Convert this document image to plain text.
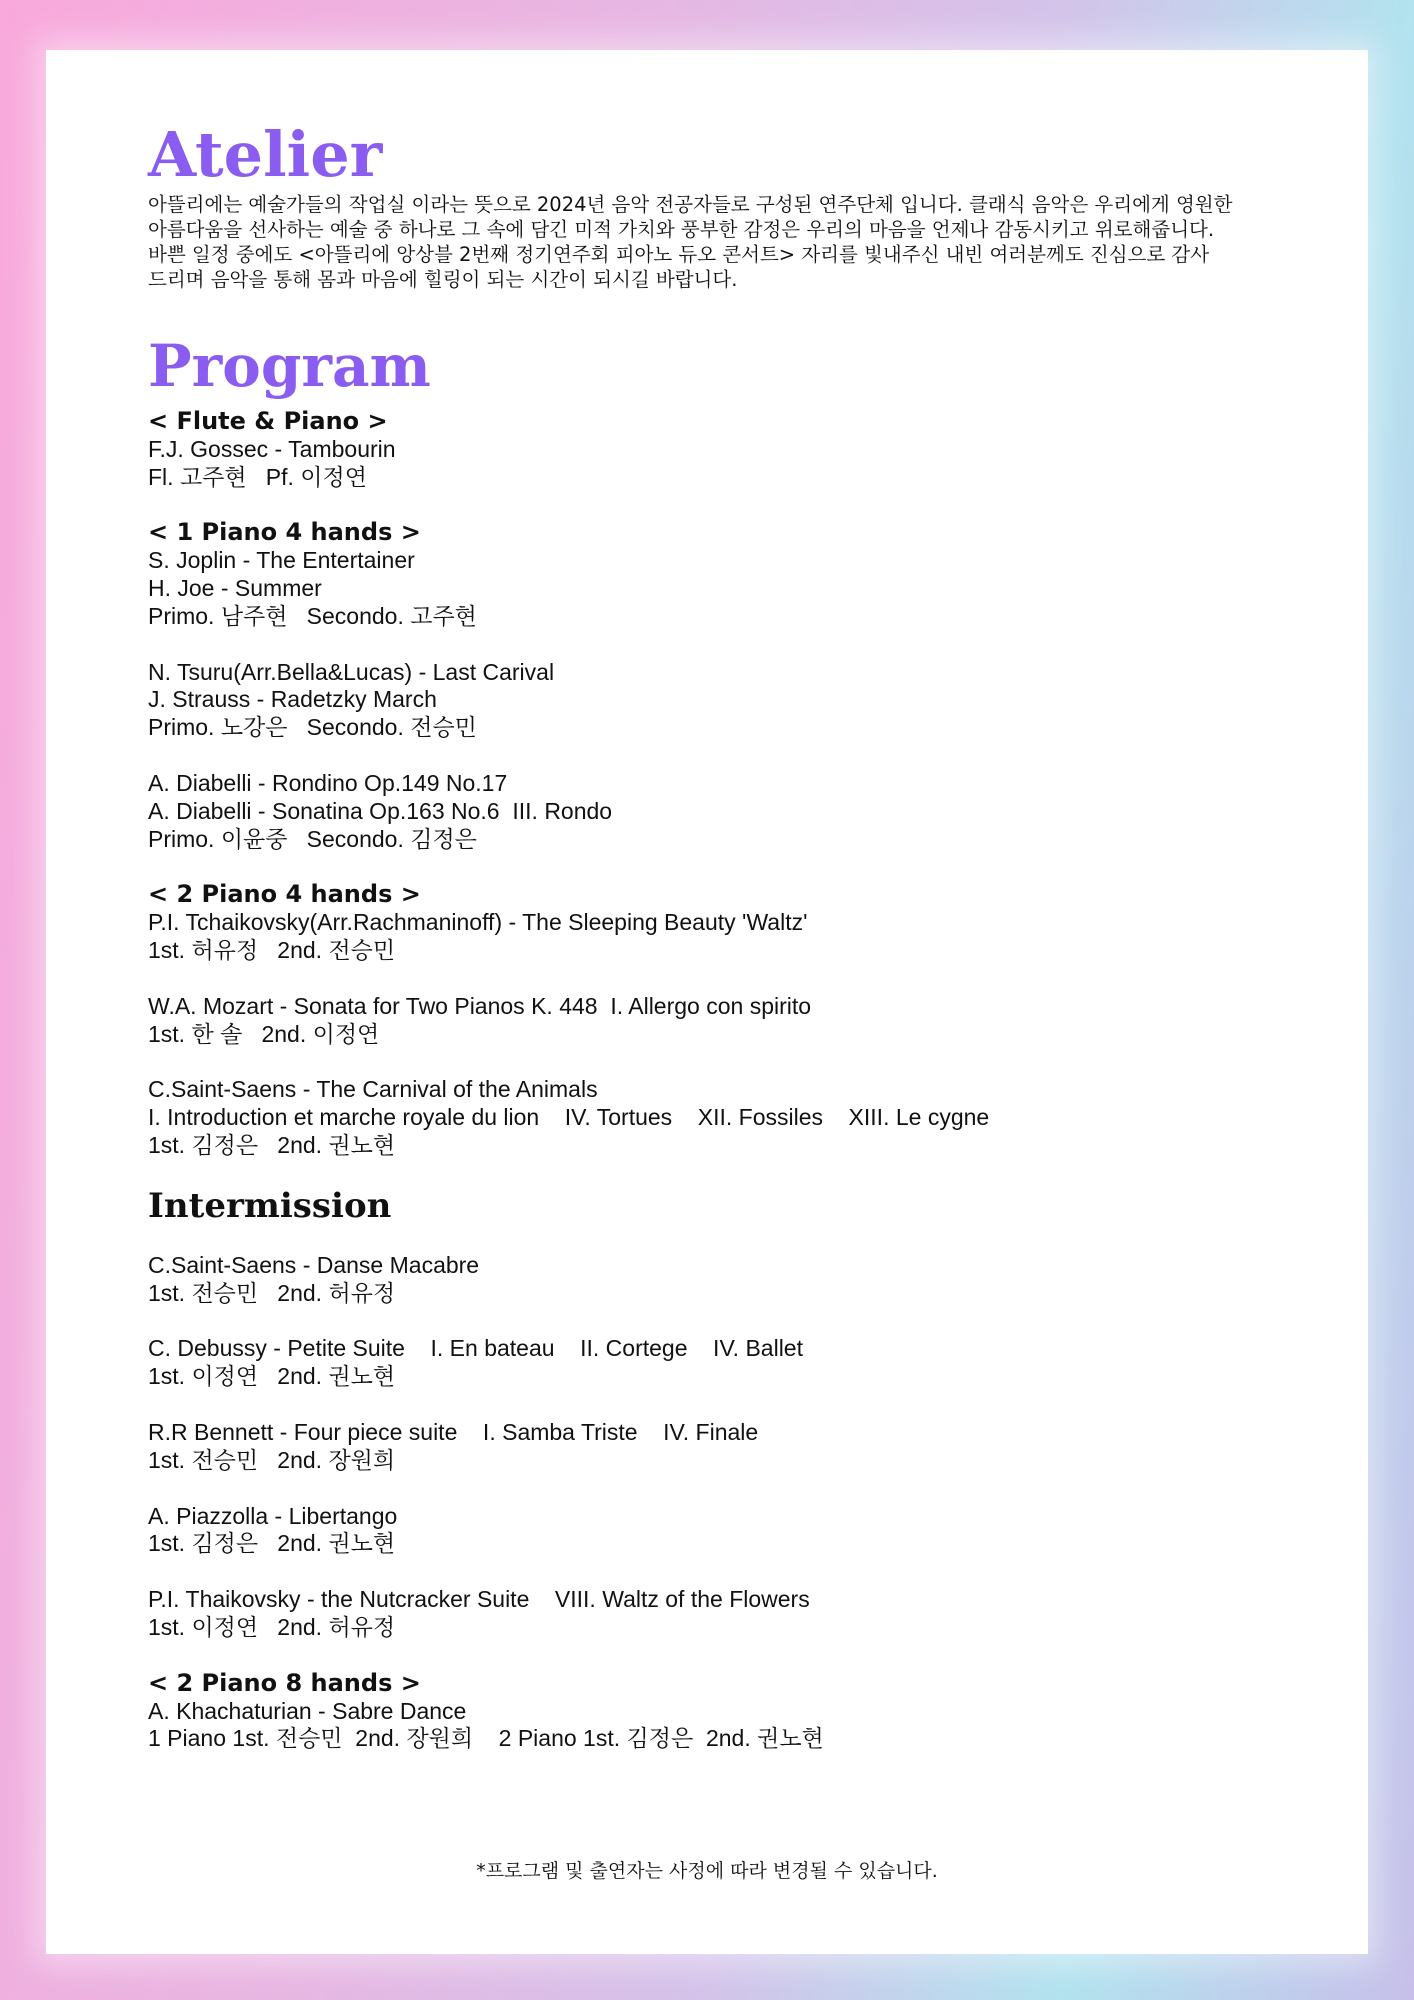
Atelier
아뜰리에는 예술가들의 작업실 이라는 뜻으로 2024년 음악 전공자들로 구성된 연주단체 입니다. 클래식 음악은 우리에게 영원한
아름다움을 선사하는 예술 중 하나로 그 속에 담긴 미적 가치와 풍부한 감정은 우리의 마음을 언제나 감동시키고 위로해줍니다.
바쁜 일정 중에도 <아뜰리에 앙상블 2번째 정기연주회 피아노 듀오 콘서트> 자리를 빛내주신 내빈 여러분께도 진심으로 감사
드리며 음악을 통해 몸과 마음에 힐링이 되는 시간이 되시길 바랍니다.
Program
< Flute & Piano >
F.J. Gossec - Tambourin
Fl. 고주현   Pf. 이정연
< 1 Piano 4 hands >
S. Joplin - The Entertainer
H. Joe - Summer
Primo. 남주현   Secondo. 고주현
N. Tsuru(Arr.Bella&Lucas) - Last Carival
J. Strauss - Radetzky March
Primo. 노강은   Secondo. 전승민
A. Diabelli - Rondino Op.149 No.17
A. Diabelli - Sonatina Op.163 No.6  III. Rondo
Primo. 이윤중   Secondo. 김정은
< 2 Piano 4 hands >
P.I. Tchaikovsky(Arr.Rachmaninoff) - The Sleeping Beauty 'Waltz'
1st. 허유정   2nd. 전승민
W.A. Mozart - Sonata for Two Pianos K. 448  I. Allergo con spirito
1st. 한 솔   2nd. 이정연
C.Saint-Saens - The Carnival of the Animals
I. Introduction et marche royale du lion    IV. Tortues    XII. Fossiles    XIII. Le cygne
1st. 김정은   2nd. 권노현
Intermission
C.Saint-Saens - Danse Macabre
1st. 전승민   2nd. 허유정
C. Debussy - Petite Suite    I. En bateau    II. Cortege    IV. Ballet
1st. 이정연   2nd. 권노현
R.R Bennett - Four piece suite    I. Samba Triste    IV. Finale
1st. 전승민   2nd. 장원희
A. Piazzolla - Libertango
1st. 김정은   2nd. 권노현
P.I. Thaikovsky - the Nutcracker Suite    VIII. Waltz of the Flowers
1st. 이정연   2nd. 허유정
< 2 Piano 8 hands >
A. Khachaturian - Sabre Dance
1 Piano 1st. 전승민  2nd. 장원희    2 Piano 1st. 김정은  2nd. 권노현
*프로그램 및 출연자는 사정에 따라 변경될 수 있습니다.
